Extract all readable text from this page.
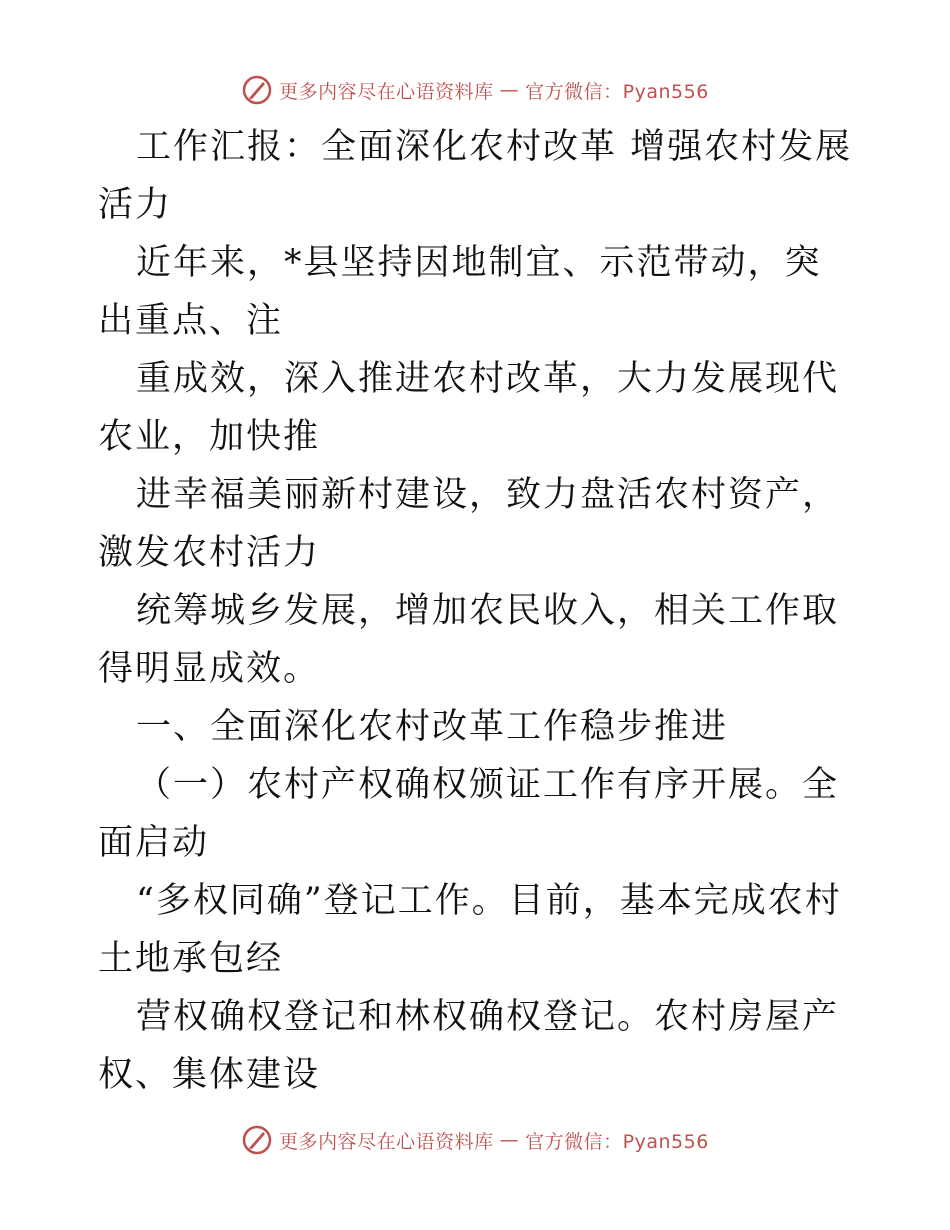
更多内容尽在心语资料库 — 官方微信：Pyan556

工作汇报：全面深化农村改革 增强农村发展活力

近年来，*县坚持因地制宜、示范带动，突出重点、注

重成效，深入推进农村改革，大力发展现代农业，加快推

进幸福美丽新村建设，致力盘活农村资产，激发农村活力

统筹城乡发展，增加农民收入，相关工作取得明显成效。

一、全面深化农村改革工作稳步推进

（一）农村产权确权颁证工作有序开展。全面启动

“多权同确”登记工作。目前，基本完成农村土地承包经

营权确权登记和林权确权登记。农村房屋产权、集体建设

更多内容尽在心语资料库 — 官方微信：Pyan556
